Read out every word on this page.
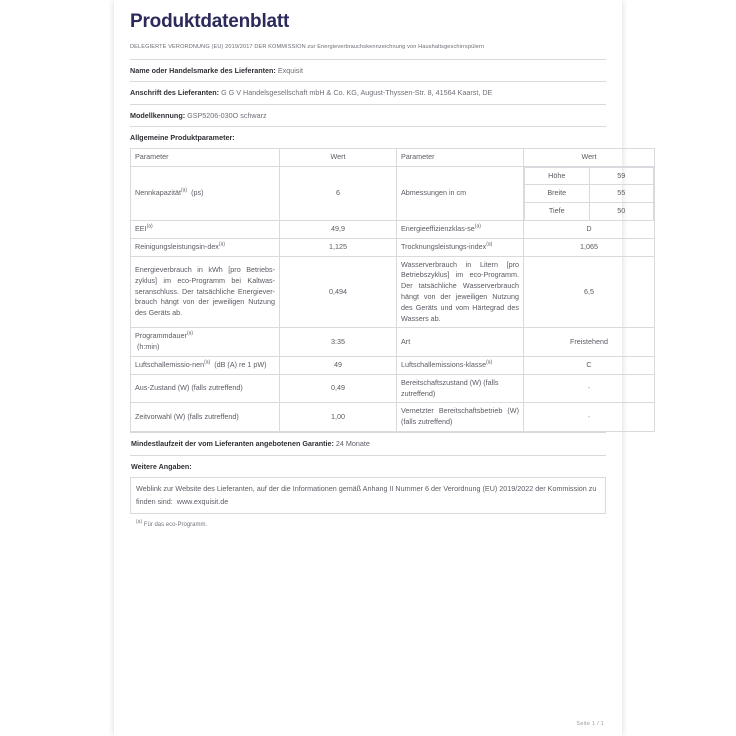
Produktdatenblatt
DELEGIERTE VERORDNUNG (EU) 2019/2017 DER KOMMISSION zur Energieverbrauchskennzeichnung von Haushaltsgeschirrspülern
Name oder Handelsmarke des Lieferanten: Exquisit
Anschrift des Lieferanten: G G V Handelsgesellschaft mbH & Co. KG, August-Thyssen-Str. 8, 41564 Kaarst, DE
Modellkennung: GSP5206-030O schwarz
Allgemeine Produktparameter:
Parameter	Wert	Parameter	Wert
Nennkapazität$^{(a)}$ (ps)	6	Abmessungen in cm	
Höhe	59
Breite	55
Tiefe	50

EEI$^{(a)}$	49,9	Energieeffizienzklas-se$^{(a)}$	D
Reinigungsleistungsin-dex$^{(a)}$	1,125	Trocknungsleistungs-index$^{(a)}$	1,065
Energieverbrauch in kWh [pro Betriebszyklus] im eco-Programm bei Kaltwasseranschluss. Der tatsächliche Energieverbrauch hängt von der jeweiligen Nutzung des Geräts ab.	0,494	Wasserverbrauch in Litern [pro Betriebszyklus] im eco-Programm. Der tatsächliche Wasserverbrauch hängt von der jeweiligen Nutzung des Geräts und vom Härtegrad des Wassers ab.	6,5
Programmdauer$^{(a)}$
(h:min)	3:35	Art	Freistehend
Luftschallemissio-nen$^{(a)}$ (dB (A) re 1 pW)	49	Luftschallemissions-klasse$^{(a)}$	C
Aus-Zustand (W) (falls zutreffend)	0,49	Bereitschaftszustand (W) (falls zutreffend)	-
Zeitvorwahl (W) (falls zutreffend)	1,00	Vernetzter Bereitschaftsbetrieb (W) (falls zutreffend)	-
Mindestlaufzeit der vom Lieferanten angebotenen Garantie: 24 Monate
Weitere Angaben:
Weblink zur Website des Lieferanten, auf der die Informationen gemäß Anhang II Nummer 6 der Verordnung (EU) 2019/2022 der Kommission zu finden sind: www.exquisit.de
$^{(a)}$ Für das eco-Programm.
Seite 1 / 1
